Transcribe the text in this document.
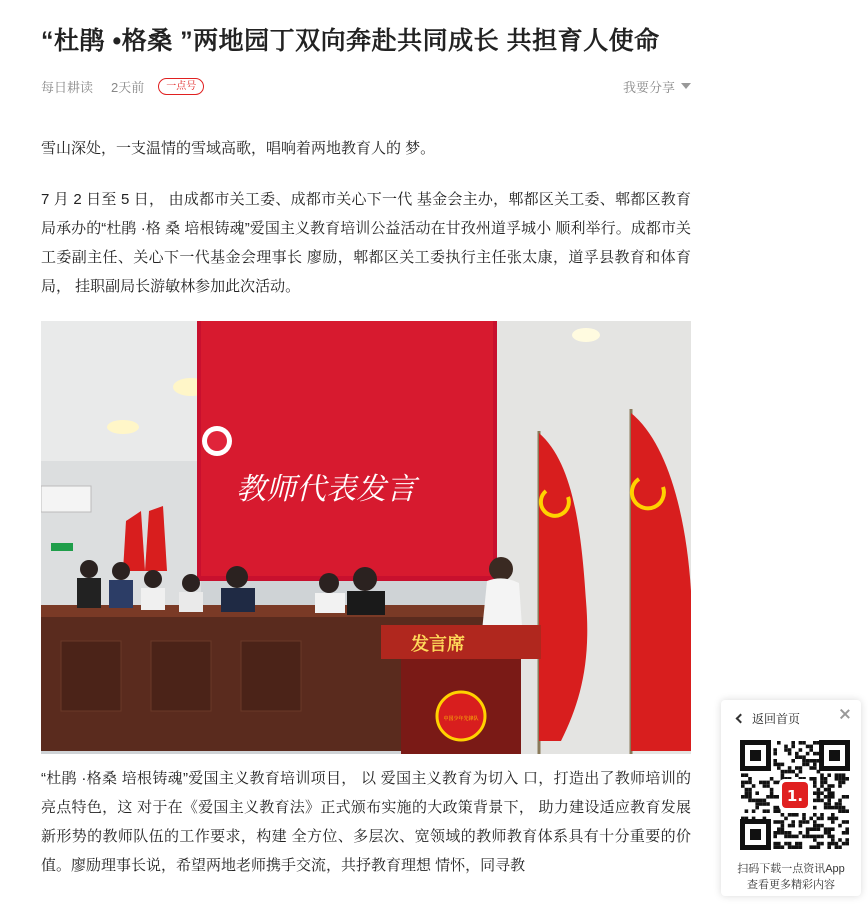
“杜鹃 •格桑 ”两地园丁双向奔赴共同成长 共担育人使命
每日耕读 2天前	一点号	我要分享

雪山深处，一支温情的雪域高歌，唱响着两地教育人的 梦。

7 月 2 日至 5 日， 由成都市关工委、成都市关心下一代 基金会主办，郫都区关工委、郫都区教育局承办的“杜鹃 ·格 桑 培根铸魂”爱国主义教育培训公益活动在甘孜州道孚城小 顺利举行。成都市关工委副主任、关心下一代基金会理事长 廖励，郫都区关工委执行主任张太康，道孚县教育和体育局， 挂职副局长游敏林参加此次活动。

教师代表发言
发言席
中国少年先锋队

“杜鹃 ·格桑 培根铸魂”爱国主义教育培训项目， 以 爱国主义教育为切入 口，打造出了教师培训的亮点特色，这 对于在《爱国主义教育法》正式颁布实施的大政策背景下， 助力建设适应教育发展新形势的教师队伍的工作要求，构建 全方位、多层次、宽领域的教师教育体系具有十分重要的价 值。廖励理事长说，希望两地老师携手交流，共抒教育理想 情怀，同寻教

返回首页
1.
扫码下载一点资讯App
查看更多精彩内容
